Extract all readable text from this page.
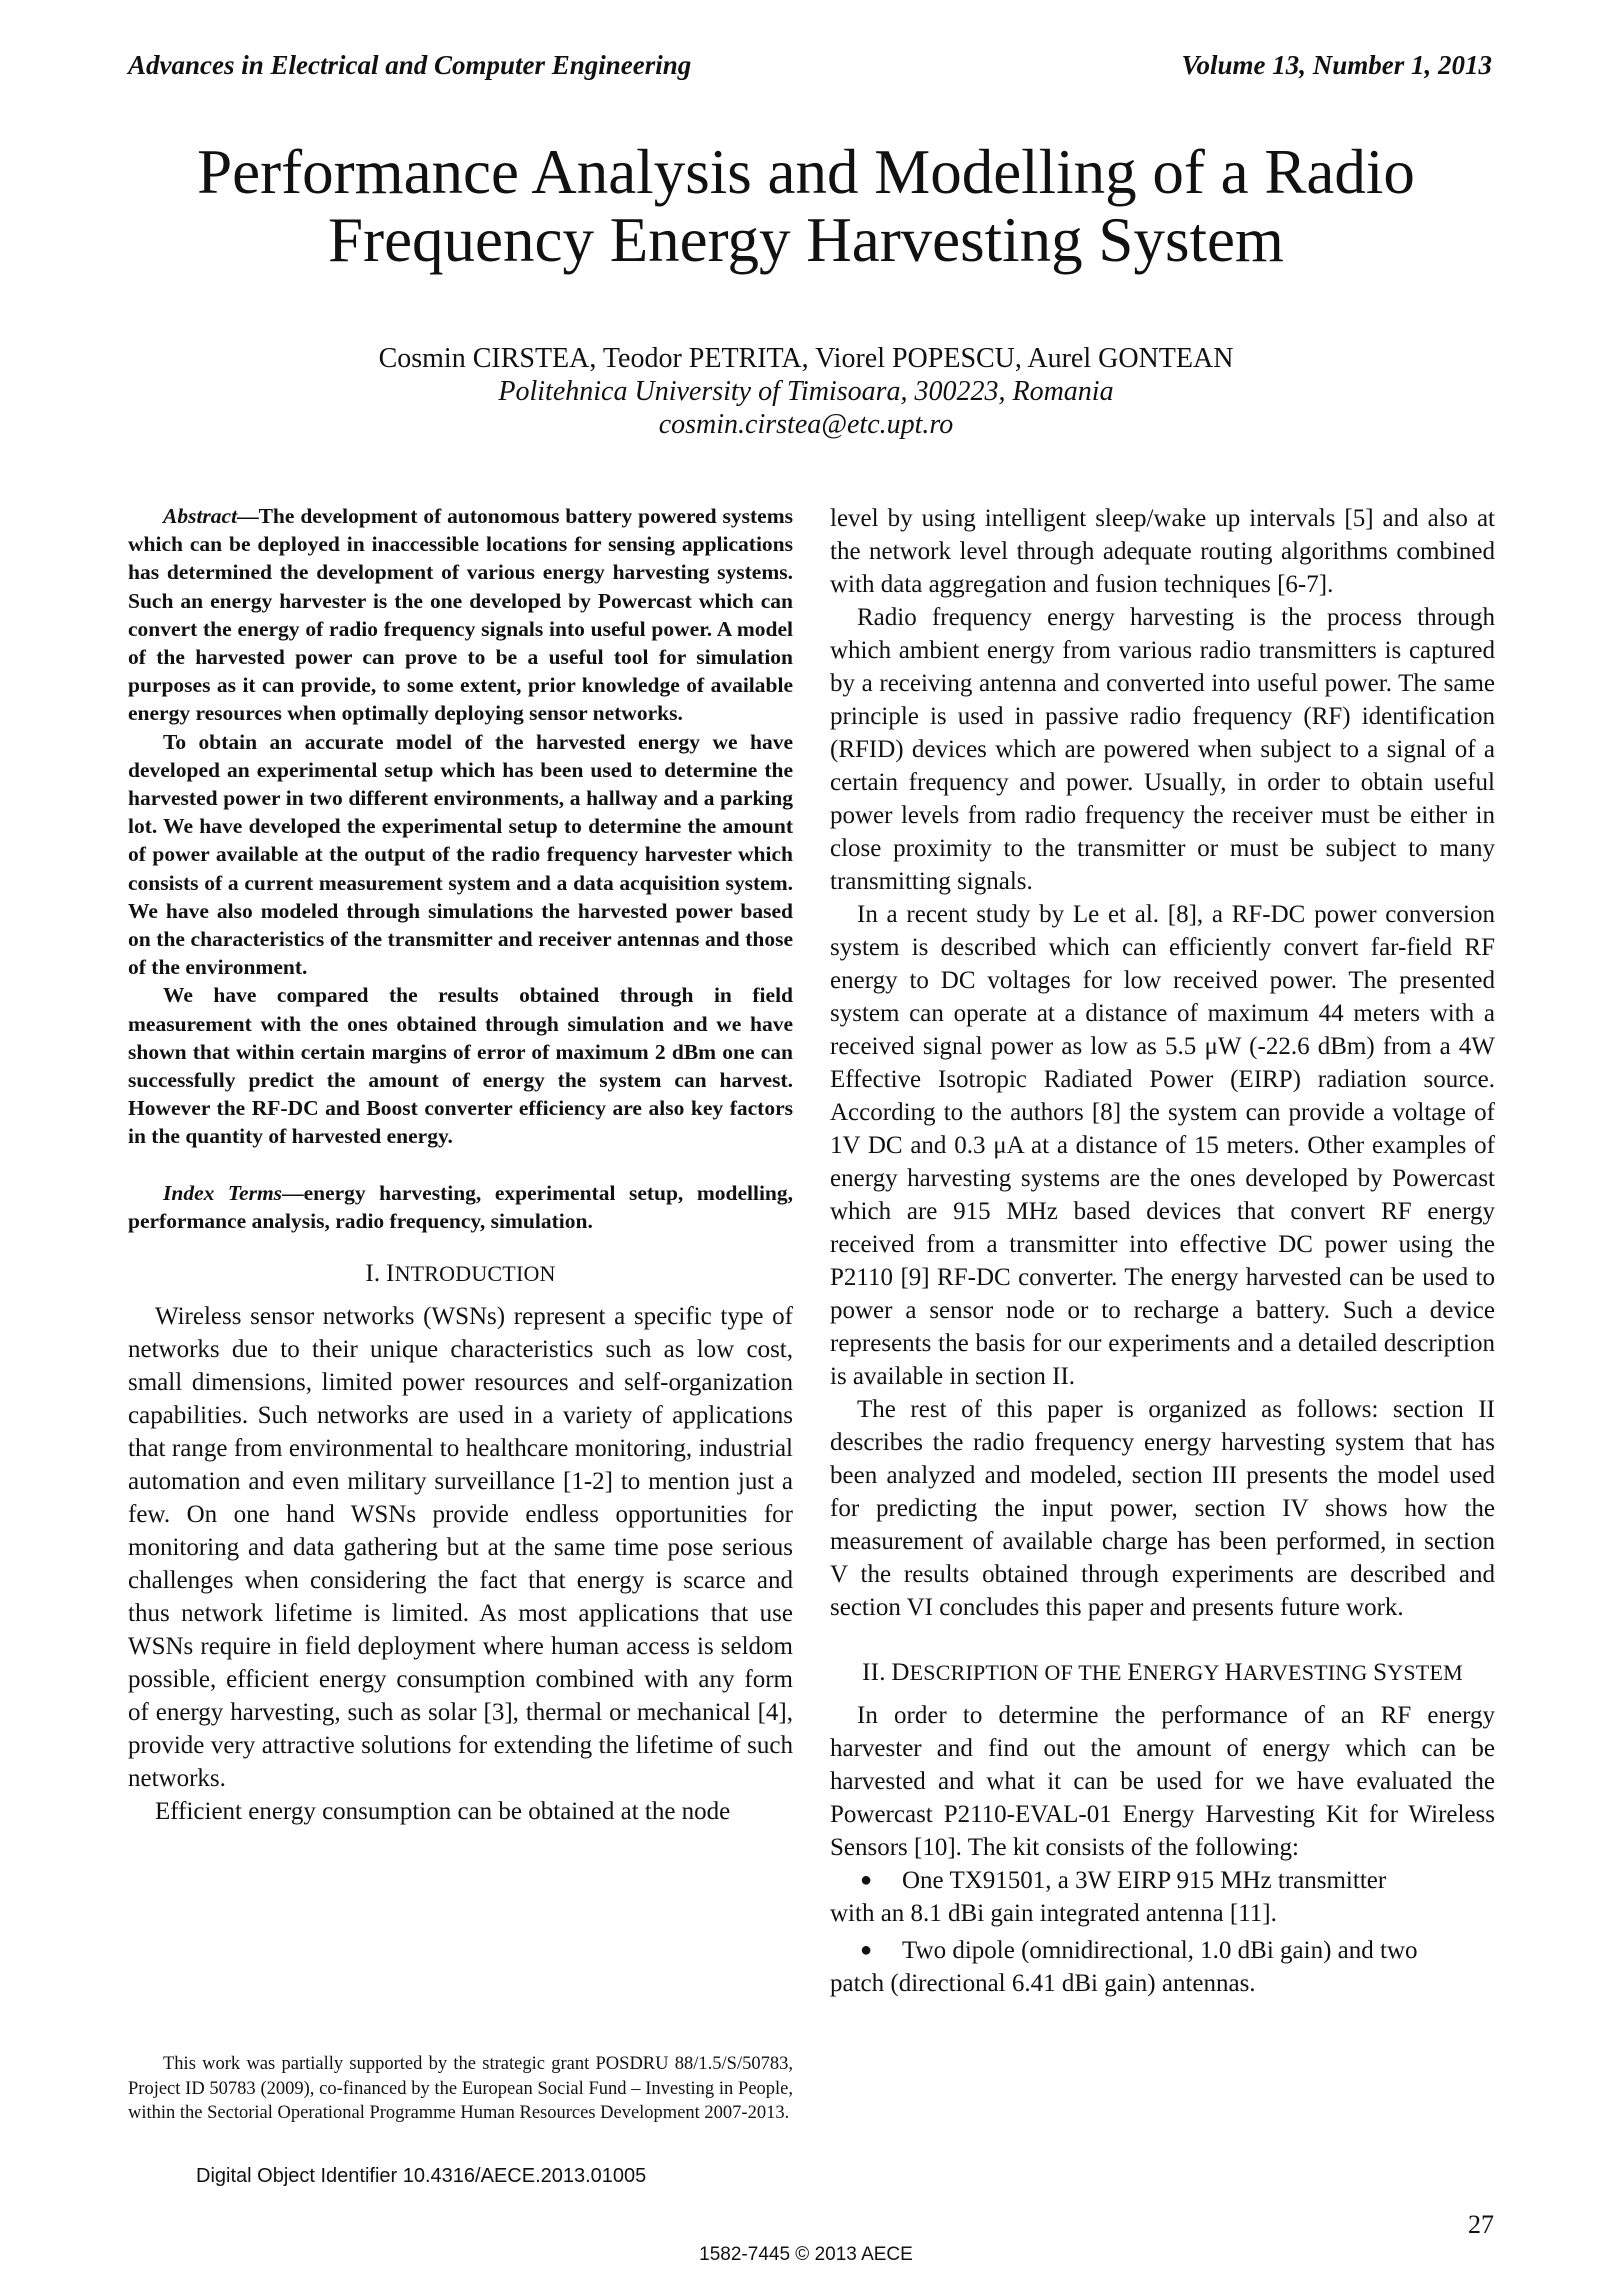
Advances in Electrical and Computer Engineering	Volume 13, Number 1, 2013
Performance Analysis and Modelling of a Radio Frequency Energy Harvesting System
Cosmin CIRSTEA, Teodor PETRITA, Viorel POPESCU, Aurel GONTEAN
Politehnica University of Timisoara, 300223, Romania
cosmin.cirstea@etc.upt.ro

Abstract—The development of autonomous battery powered systems which can be deployed in inaccessible locations for sensing applications has determined the development of various energy harvesting systems. Such an energy harvester is the one developed by Powercast which can convert the energy of radio frequency signals into useful power. A model of the harvested power can prove to be a useful tool for simulation purposes as it can provide, to some extent, prior knowledge of available energy resources when optimally deploying sensor networks.

To obtain an accurate model of the harvested energy we have developed an experimental setup which has been used to determine the harvested power in two different environments, a hallway and a parking lot. We have developed the experimental setup to determine the amount of power available at the output of the radio frequency harvester which consists of a current measurement system and a data acquisition system. We have also modeled through simulations the harvested power based on the characteristics of the transmitter and receiver antennas and those of the environment.

We have compared the results obtained through in field measurement with the ones obtained through simulation and we have shown that within certain margins of error of maximum 2 dBm one can successfully predict the amount of energy the system can harvest. However the RF-DC and Boost converter efficiency are also key factors in the quantity of harvested energy.

Index Terms—energy harvesting, experimental setup, modelling, performance analysis, radio frequency, simulation.
I. INTRODUCTION

Wireless sensor networks (WSNs) represent a specific type of networks due to their unique characteristics such as low cost, small dimensions, limited power resources and self-organization capabilities. Such networks are used in a variety of applications that range from environmental to healthcare monitoring, industrial automation and even military surveillance [1-2] to mention just a few. On one hand WSNs provide endless opportunities for monitoring and data gathering but at the same time pose serious challenges when considering the fact that energy is scarce and thus network lifetime is limited. As most applications that use WSNs require in field deployment where human access is seldom possible, efficient energy consumption combined with any form of energy harvesting, such as solar [3], thermal or mechanical [4], provide very attractive solutions for extending the lifetime of such networks.

Efficient energy consumption can be obtained at the node

level by using intelligent sleep/wake up intervals [5] and also at the network level through adequate routing algorithms combined with data aggregation and fusion techniques [6-7].

Radio frequency energy harvesting is the process through which ambient energy from various radio transmitters is captured by a receiving antenna and converted into useful power. The same principle is used in passive radio frequency (RF) identification (RFID) devices which are powered when subject to a signal of a certain frequency and power. Usually, in order to obtain useful power levels from radio frequency the receiver must be either in close proximity to the transmitter or must be subject to many transmitting signals.

In a recent study by Le et al. [8], a RF-DC power conversion system is described which can efficiently convert far-field RF energy to DC voltages for low received power. The presented system can operate at a distance of maximum 44 meters with a received signal power as low as 5.5 μW (-22.6 dBm) from a 4W Effective Isotropic Radiated Power (EIRP) radiation source. According to the authors [8] the system can provide a voltage of 1V DC and 0.3 μA at a distance of 15 meters. Other examples of energy harvesting systems are the ones developed by Powercast which are 915 MHz based devices that convert RF energy received from a transmitter into effective DC power using the P2110 [9] RF-DC converter. The energy harvested can be used to power a sensor node or to recharge a battery. Such a device represents the basis for our experiments and a detailed description is available in section II.

The rest of this paper is organized as follows: section II describes the radio frequency energy harvesting system that has been analyzed and modeled, section III presents the model used for predicting the input power, section IV shows how the measurement of available charge has been performed, in section V the results obtained through experiments are described and section VI concludes this paper and presents future work.

II. DESCRIPTION OF THE ENERGY HARVESTING SYSTEM

In order to determine the performance of an RF energy harvester and find out the amount of energy which can be harvested and what it can be used for we have evaluated the Powercast P2110-EVAL-01 Energy Harvesting Kit for Wireless Sensors [10]. The kit consists of the following:

●	One TX91501, a 3W EIRP 915 MHz transmitter
with an 8.1 dBi gain integrated antenna [11].
●	Two dipole (omnidirectional, 1.0 dBi gain) and two
patch (directional 6.41 dBi gain) antennas.
This work was partially supported by the strategic grant POSDRU 88/1.5/S/50783, Project ID 50783 (2009), co-financed by the European Social Fund – Investing in People, within the Sectorial Operational Programme Human Resources Development 2007-2013.
Digital Object Identifier 10.4316/AECE.2013.01005
27
1582-7445 © 2013 AECE
